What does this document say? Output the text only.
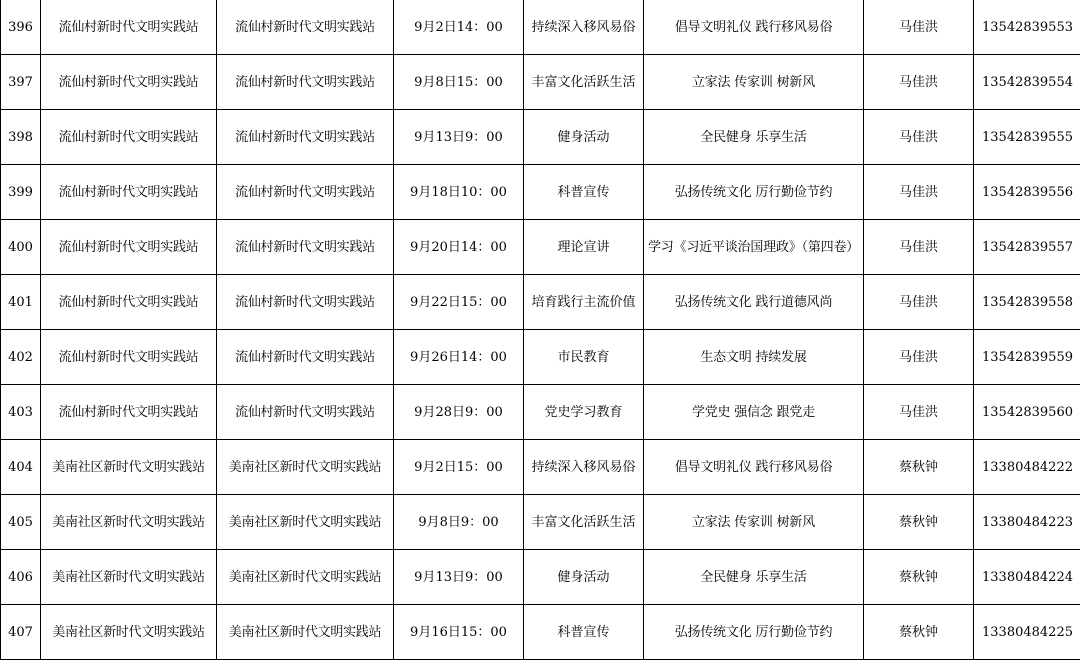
396	流仙村新时代文明实践站	流仙村新时代文明实践站	9月2日14：00	持续深入移风易俗	倡导文明礼仪 践行移风易俗	马佳洪	13542839553
397	流仙村新时代文明实践站	流仙村新时代文明实践站	9月8日15：00	丰富文化活跃生活	立家法 传家训 树新风	马佳洪	13542839554
398	流仙村新时代文明实践站	流仙村新时代文明实践站	9月13日9：00	健身活动	全民健身 乐享生活	马佳洪	13542839555
399	流仙村新时代文明实践站	流仙村新时代文明实践站	9月18日10：00	科普宣传	弘扬传统文化 厉行勤俭节约	马佳洪	13542839556
400	流仙村新时代文明实践站	流仙村新时代文明实践站	9月20日14：00	理论宣讲	学习《习近平谈治国理政》（第四卷）	马佳洪	13542839557
401	流仙村新时代文明实践站	流仙村新时代文明实践站	9月22日15：00	培育践行主流价值	弘扬传统文化 践行道德风尚	马佳洪	13542839558
402	流仙村新时代文明实践站	流仙村新时代文明实践站	9月26日14：00	市民教育	生态文明 持续发展	马佳洪	13542839559
403	流仙村新时代文明实践站	流仙村新时代文明实践站	9月28日9：00	党史学习教育	学党史 强信念 跟党走	马佳洪	13542839560
404	美南社区新时代文明实践站	美南社区新时代文明实践站	9月2日15：00	持续深入移风易俗	倡导文明礼仪 践行移风易俗	蔡秋钟	13380484222
405	美南社区新时代文明实践站	美南社区新时代文明实践站	9月8日9：00	丰富文化活跃生活	立家法 传家训 树新风	蔡秋钟	13380484223
406	美南社区新时代文明实践站	美南社区新时代文明实践站	9月13日9：00	健身活动	全民健身 乐享生活	蔡秋钟	13380484224
407	美南社区新时代文明实践站	美南社区新时代文明实践站	9月16日15：00	科普宣传	弘扬传统文化 厉行勤俭节约	蔡秋钟	13380484225
